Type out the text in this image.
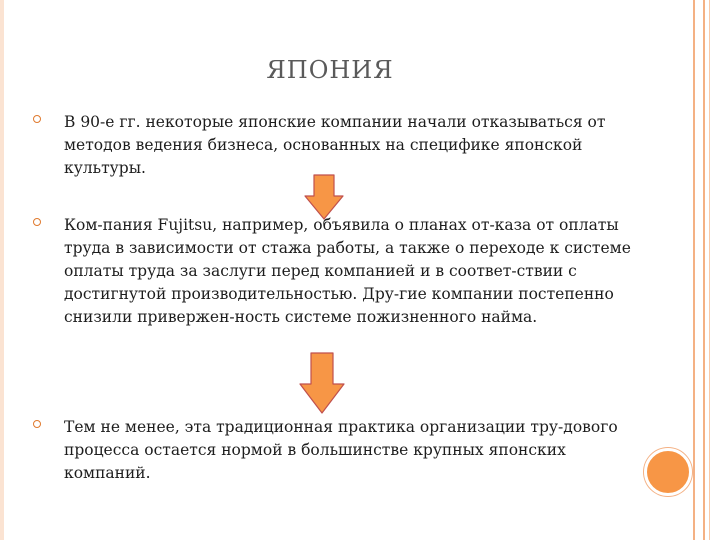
ЯПОНИЯ
В 90-е гг. некоторые японские компании начали отказываться от методов ведения бизнеса, основанных на специфике японской культуры.
Ком-пания Fujitsu, например, объявила о планах от-каза от оплаты труда в зависимости от стажа работы, а также о переходе к системе оплаты труда за заслуги перед компанией и в соответ-ствии с достигнутой производительностью. Дру-гие компании постепенно снизили привержен-ность системе пожизненного найма.
Тем не менее, эта традиционная практика организации тру-дового процесса остается нормой в большинстве крупных японских компаний.
